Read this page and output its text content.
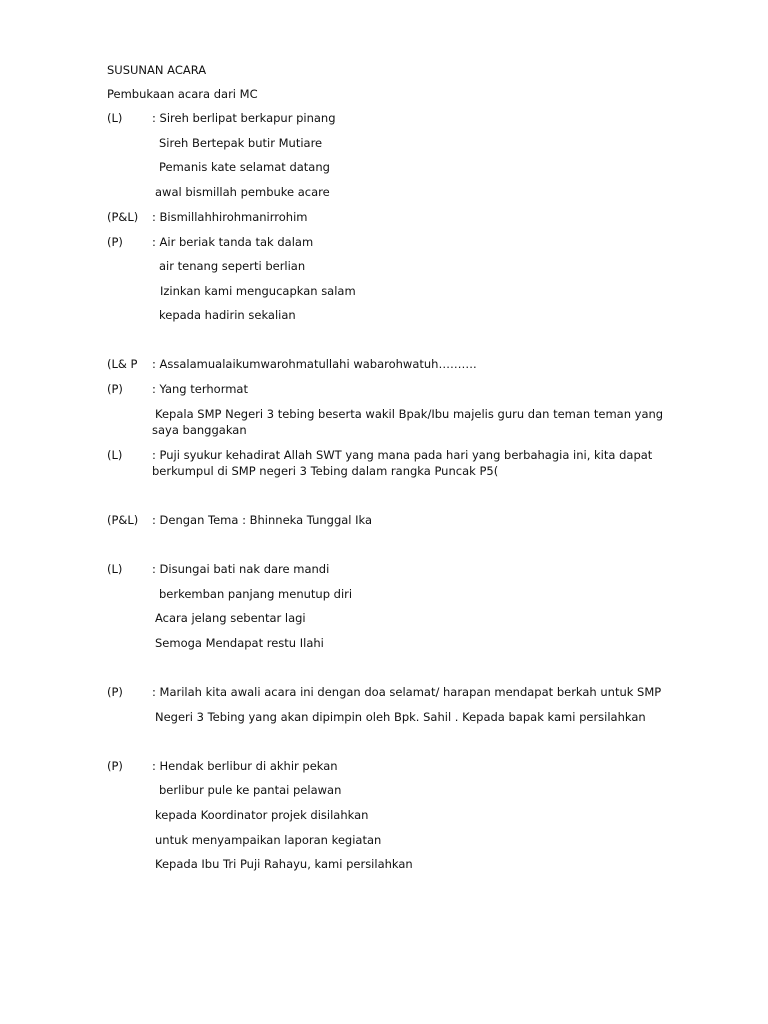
SUSUNAN ACARA
Pembukaan acara dari MC
(L)	: Sireh berlipat berkapur pinang
Sireh Bertepak butir Mutiare
Pemanis kate selamat datang
awal bismillah pembuke acare
(P&L)	: Bismillahhirohmanirrohim
(P)	: Air beriak tanda tak dalam
air tenang seperti berlian
Izinkan kami mengucapkan salam
kepada hadirin sekalian
(L& P	: Assalamualaikumwarohmatullahi wabarohwatuh……….
(P)	: Yang terhormat
Kepala SMP Negeri 3 tebing beserta wakil Bpak/Ibu majelis guru dan teman teman yang saya banggakan
(L)	: Puji syukur kehadirat Allah SWT yang mana pada hari yang berbahagia ini, kita dapat berkumpul di SMP negeri 3 Tebing dalam rangka Puncak P5(
(P&L)	: Dengan Tema : Bhinneka Tunggal Ika
(L)	: Disungai bati nak dare mandi
berkemban panjang menutup diri
Acara jelang sebentar lagi
Semoga Mendapat restu Ilahi
(P)	: Marilah kita awali acara ini dengan doa selamat/ harapan mendapat berkah untuk SMP
Negeri 3 Tebing yang akan dipimpin oleh Bpk. Sahil . Kepada bapak kami persilahkan
(P)	: Hendak berlibur di akhir pekan
berlibur pule ke pantai pelawan
kepada Koordinator projek disilahkan
untuk menyampaikan laporan kegiatan
Kepada Ibu Tri Puji Rahayu, kami persilahkan
